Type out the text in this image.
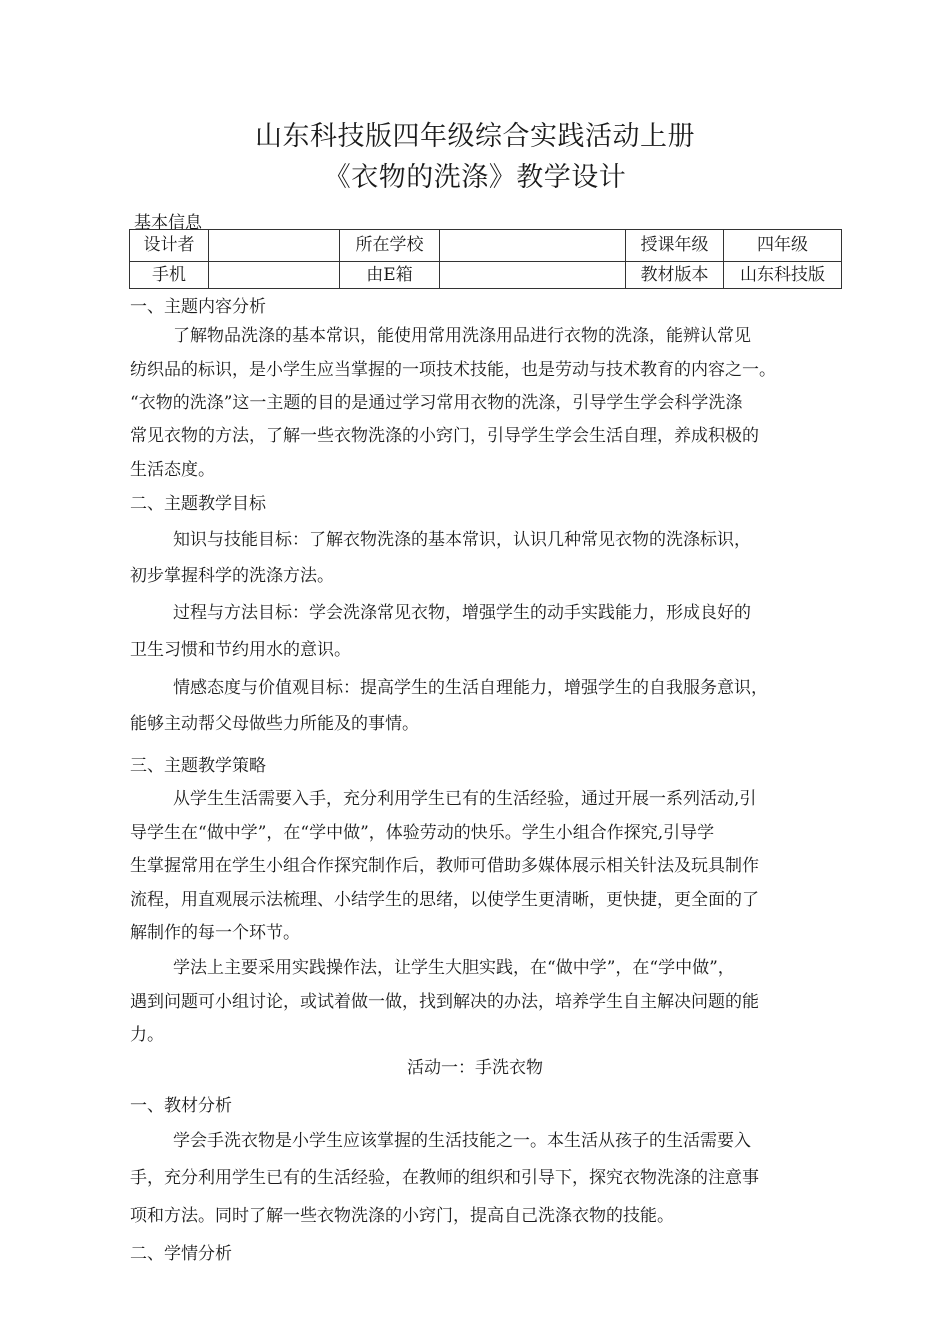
山东科技版四年级综合实践活动上册
《衣物的洗涤》教学设计
基本信息
设计者		所在学校		授课年级	四年级
手机		由E箱		教材版本	山东科技版
一、主题内容分析
了解物品洗涤的基本常识，能使用常用洗涤用品进行衣物的洗涤，能辨认常见
纺织品的标识，是小学生应当掌握的一项技术技能，也是劳动与技术教育的内容之一。
“衣物的洗涤”这一主题的目的是通过学习常用衣物的洗涤，引导学生学会科学洗涤
常见衣物的方法，了解一些衣物洗涤的小窍门，引导学生学会生活自理，养成积极的
生活态度。
二、主题教学目标
知识与技能目标：了解衣物洗涤的基本常识，认识几种常见衣物的洗涤标识，
初步掌握科学的洗涤方法。
过程与方法目标：学会洗涤常见衣物，增强学生的动手实践能力，形成良好的
卫生习惯和节约用水的意识。
情感态度与价值观目标：提高学生的生活自理能力，增强学生的自我服务意识，
能够主动帮父母做些力所能及的事情。
三、主题教学策略
从学生生活需要入手，充分利用学生已有的生活经验，通过开展一系列活动,引
导学生在“做中学”，在“学中做”，体验劳动的快乐。学生小组合作探究,引导学
生掌握常用在学生小组合作探究制作后，教师可借助多媒体展示相关针法及玩具制作
流程，用直观展示法梳理、小结学生的思绪，以使学生更清晰，更快捷，更全面的了
解制作的每一个环节。
学法上主要采用实践操作法，让学生大胆实践，在“做中学”，在“学中做”，
遇到问题可小组讨论，或试着做一做，找到解决的办法，培养学生自主解决问题的能
力。
活动一：手洗衣物
一、教材分析
学会手洗衣物是小学生应该掌握的生活技能之一。本生活从孩子的生活需要入
手，充分利用学生已有的生活经验，在教师的组织和引导下，探究衣物洗涤的注意事
项和方法。同时了解一些衣物洗涤的小窍门，提高自己洗涤衣物的技能。
二、学情分析
